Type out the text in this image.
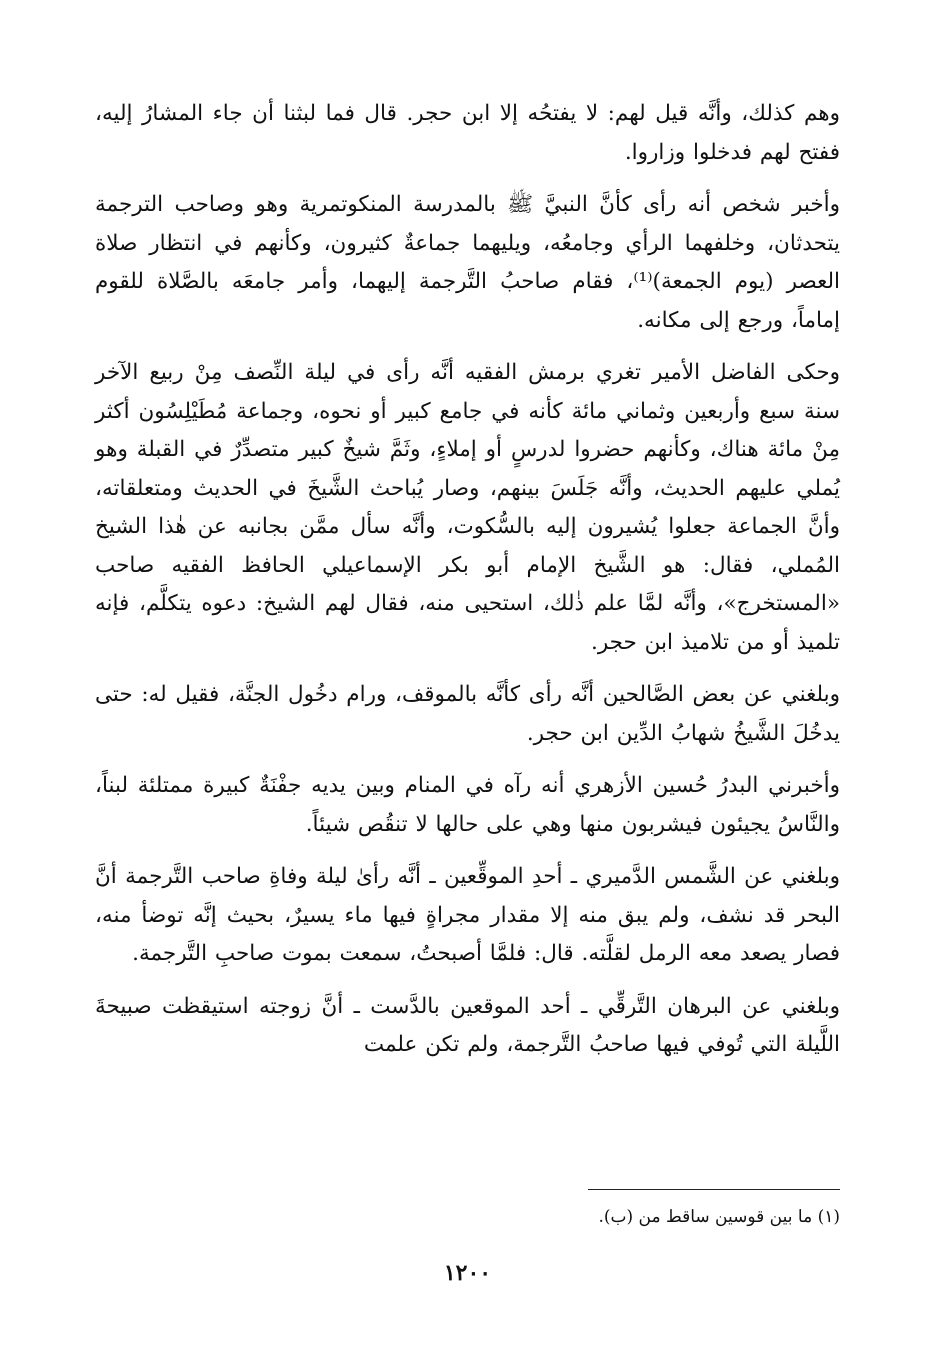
وهم كذلك، وأنَّه قيل لهم: لا يفتحُه إلا ابن حجر. قال فما لبثنا أن جاء المشارُ إليه، ففتح لهم فدخلوا وزاروا.

وأخبر شخص أنه رأى كأنَّ النبيَّ ﷺ بالمدرسة المنكوتمرية وهو وصاحب الترجمة يتحدثان، وخلفهما الرأي وجامعُه، ويليهما جماعةٌ كثيرون، وكأنهم في انتظار صلاة العصر (يوم الجمعة)⁽¹⁾، فقام صاحبُ التَّرجمة إليهما، وأمر جامعَه بالصَّلاة للقوم إماماً، ورجع إلى مكانه.

وحكى الفاضل الأمير تغري برمش الفقيه أنَّه رأى في ليلة النِّصف مِنْ ربيع الآخر سنة سبع وأربعين وثماني مائة كأنه في جامع كبير أو نحوه، وجماعة مُطَيْلِسُون أكثر مِنْ مائة هناك، وكأنهم حضروا لدرسٍ أو إملاءٍ، وثَمَّ شيخٌ كبير متصدِّرٌ في القبلة وهو يُملي عليهم الحديث، وأنَّه جَلَسَ بينهم، وصار يُباحث الشَّيخَ في الحديث ومتعلقاته، وأنَّ الجماعة جعلوا يُشيرون إليه بالسُّكوت، وأنَّه سأل ممَّن بجانبه عن هٰذا الشيخ المُملي، فقال: هو الشَّيخ الإمام أبو بكر الإسماعيلي الحافظ الفقيه صاحب «المستخرج»، وأنَّه لمَّا علم ذٰلك، استحيى منه، فقال لهم الشيخ: دعوه يتكلَّم، فإنه تلميذ أو من تلاميذ ابن حجر.

وبلغني عن بعض الصَّالحين أنَّه رأى كأنَّه بالموقف، ورام دخُول الجنَّة، فقيل له: حتى يدخُلَ الشَّيخُ شهابُ الدِّين ابن حجر.

وأخبرني البدرُ حُسين الأزهري أنه رآه في المنام وبين يديه جفْنَةٌ كبيرة ممتلئة لبناً، والنَّاسُ يجيئون فيشربون منها وهي على حالها لا تنقُص شيئاً.

وبلغني عن الشَّمس الدَّميري ـ أحدِ الموقِّعين ـ أنَّه رأىٰ ليلة وفاةِ صاحب التَّرجمة أنَّ البحر قد نشف، ولم يبق منه إلا مقدار مجراةٍ فيها ماء يسيرٌ، بحيث إنَّه توضأ منه، فصار يصعد معه الرمل لقلَّته. قال: فلمَّا أصبحتُ، سمعت بموت صاحبِ التَّرجمة.

وبلغني عن البرهان التَّرقِّي ـ أحد الموقعين بالدَّست ـ أنَّ زوجته استيقظت صبيحةَ اللَّيلة التي تُوفي فيها صاحبُ التَّرجمة، ولم تكن علمت

(١) ما بين قوسين ساقط من (ب).
١٢٠٠
